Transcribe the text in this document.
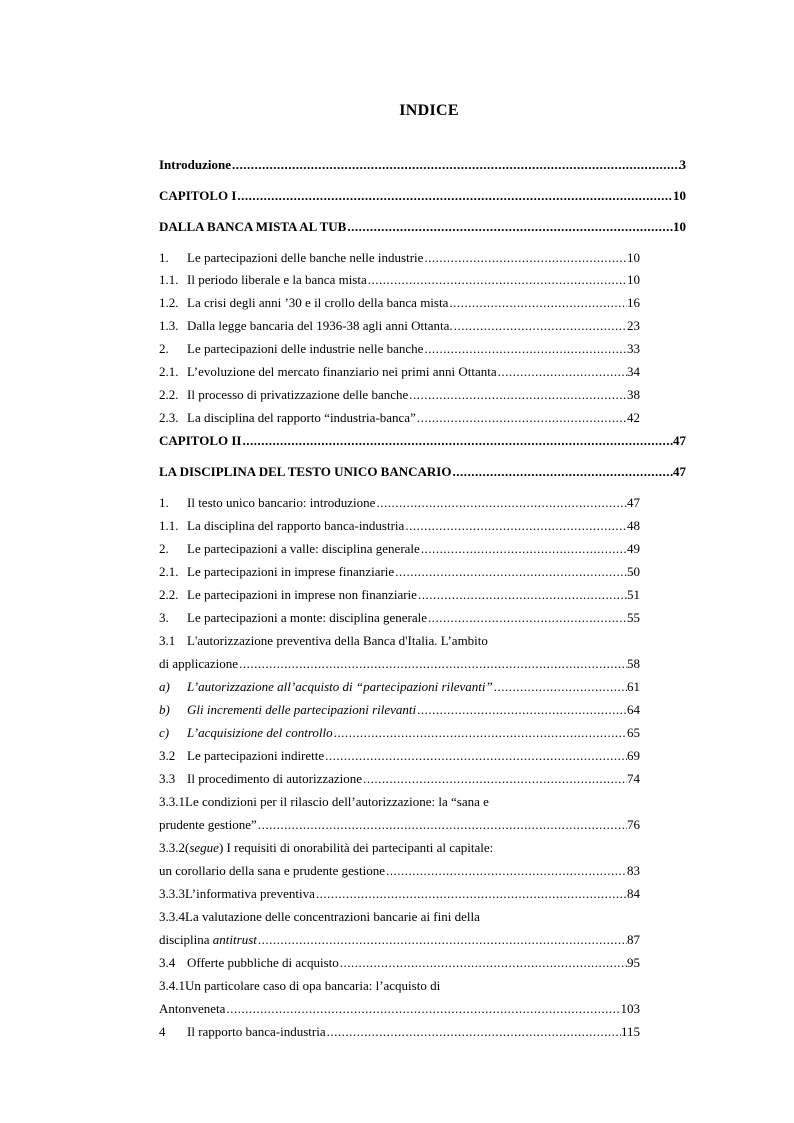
INDICE
Introduzione .....	3
CAPITOLO I .....	10
DALLA BANCA MISTA AL TUB .....	10
1.	Le partecipazioni delle banche nelle industrie .....	10
1.1. Il periodo liberale e la banca mista .....	10
1.2. La crisi degli anni ’30 e il crollo della banca mista .....	16
1.3. Dalla legge bancaria del 1936-38 agli anni Ottanta. .....	23
2.	Le partecipazioni delle industrie nelle banche .....	33
2.1. L’evoluzione del mercato finanziario nei primi anni Ottanta .....	34
2.2. Il processo di privatizzazione delle banche .....	38
2.3. La disciplina del rapporto “industria-banca” .....	42
CAPITOLO II .....	47
LA DISCIPLINA DEL TESTO UNICO BANCARIO .....	47
1.	Il testo unico bancario: introduzione .....	47
1.1. La disciplina del rapporto banca-industria .....	48
2.	Le partecipazioni a valle: disciplina generale .....	49
2.1. Le partecipazioni in imprese finanziarie .....	50
2.2. Le partecipazioni in imprese non finanziarie .....	51
3.	Le partecipazioni a monte: disciplina generale .....	55
3.1 L'autorizzazione preventiva della Banca d'Italia. L’ambito
di applicazione .....	58
a)	L’autorizzazione all’acquisto di “partecipazioni rilevanti” .....	61
b)	Gli incrementi delle partecipazioni rilevanti .....	64
c)	L’acquisizione del controllo .....	65
3.2 Le partecipazioni indirette .....	69
3.3 Il procedimento di autorizzazione .....	74
3.3.1 Le condizioni per il rilascio dell’autorizzazione: la “sana e
prudente gestione” .....	76
3.3.2 (segue) I requisiti di onorabilità dei partecipanti al capitale:
un corollario della sana e prudente gestione .....	83
3.3.3 L’informativa preventiva .....	84
3.3.4 La valutazione delle concentrazioni bancarie ai fini della
disciplina antitrust .....	87
3.4 Offerte pubbliche di acquisto .....	95
3.4.1 Un particolare caso di opa bancaria: l’acquisto di
Antonveneta .....	103
4	Il rapporto banca-industria .....	115
